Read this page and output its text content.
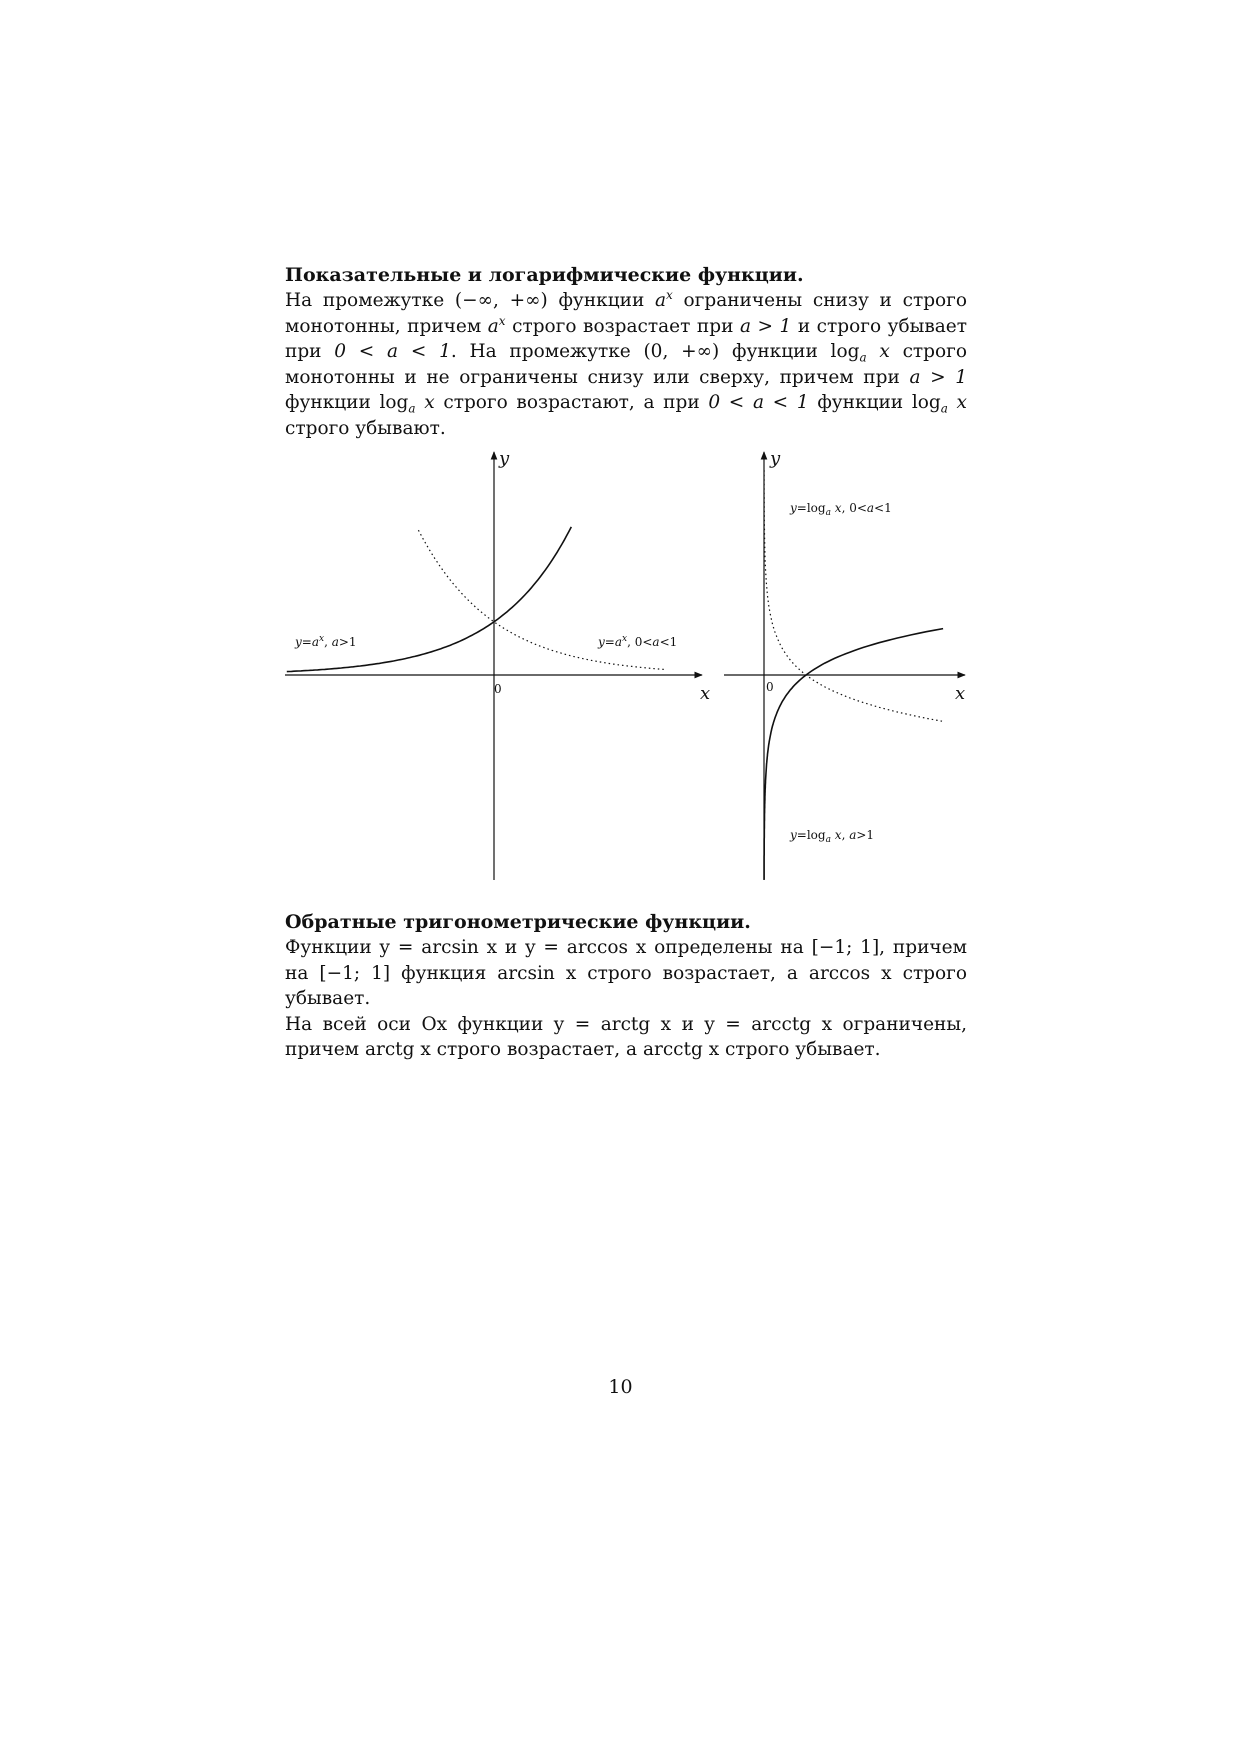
Показательные и логарифмические функции.

На промежутке (−∞, +∞) функции $a^x$ ограничены снизу и строго монотонны, причем $a^x$ строго возрастает при a > 1 и строго убывает при 0 < a < 1. На промежутке (0, +∞) функции $\log_a x$ строго монотонны и не ограничены снизу или сверху, причем при a > 1 функции $\log_a x$ строго возрастают, а при 0 < a < 1 функции $\log_a x$ строго убывают.

y
x
0
$y=a^x$, a>1	$y=a^x$, 0<a<1
y
x
0
$y=\log_a$ x, 0<a<1
$y=\log_a$ x, a>1

Обратные тригонометрические функции.

Функции y = arcsin x и y = arccos x определены на [−1; 1], причем на [−1; 1] функция arcsin x строго возрастает, а arccos x строго убывает.

На всей оси Ox функции y = arctg x и y = arcctg x ограничены, причем arctg x строго возрастает, а arcctg x строго убывает.

10
